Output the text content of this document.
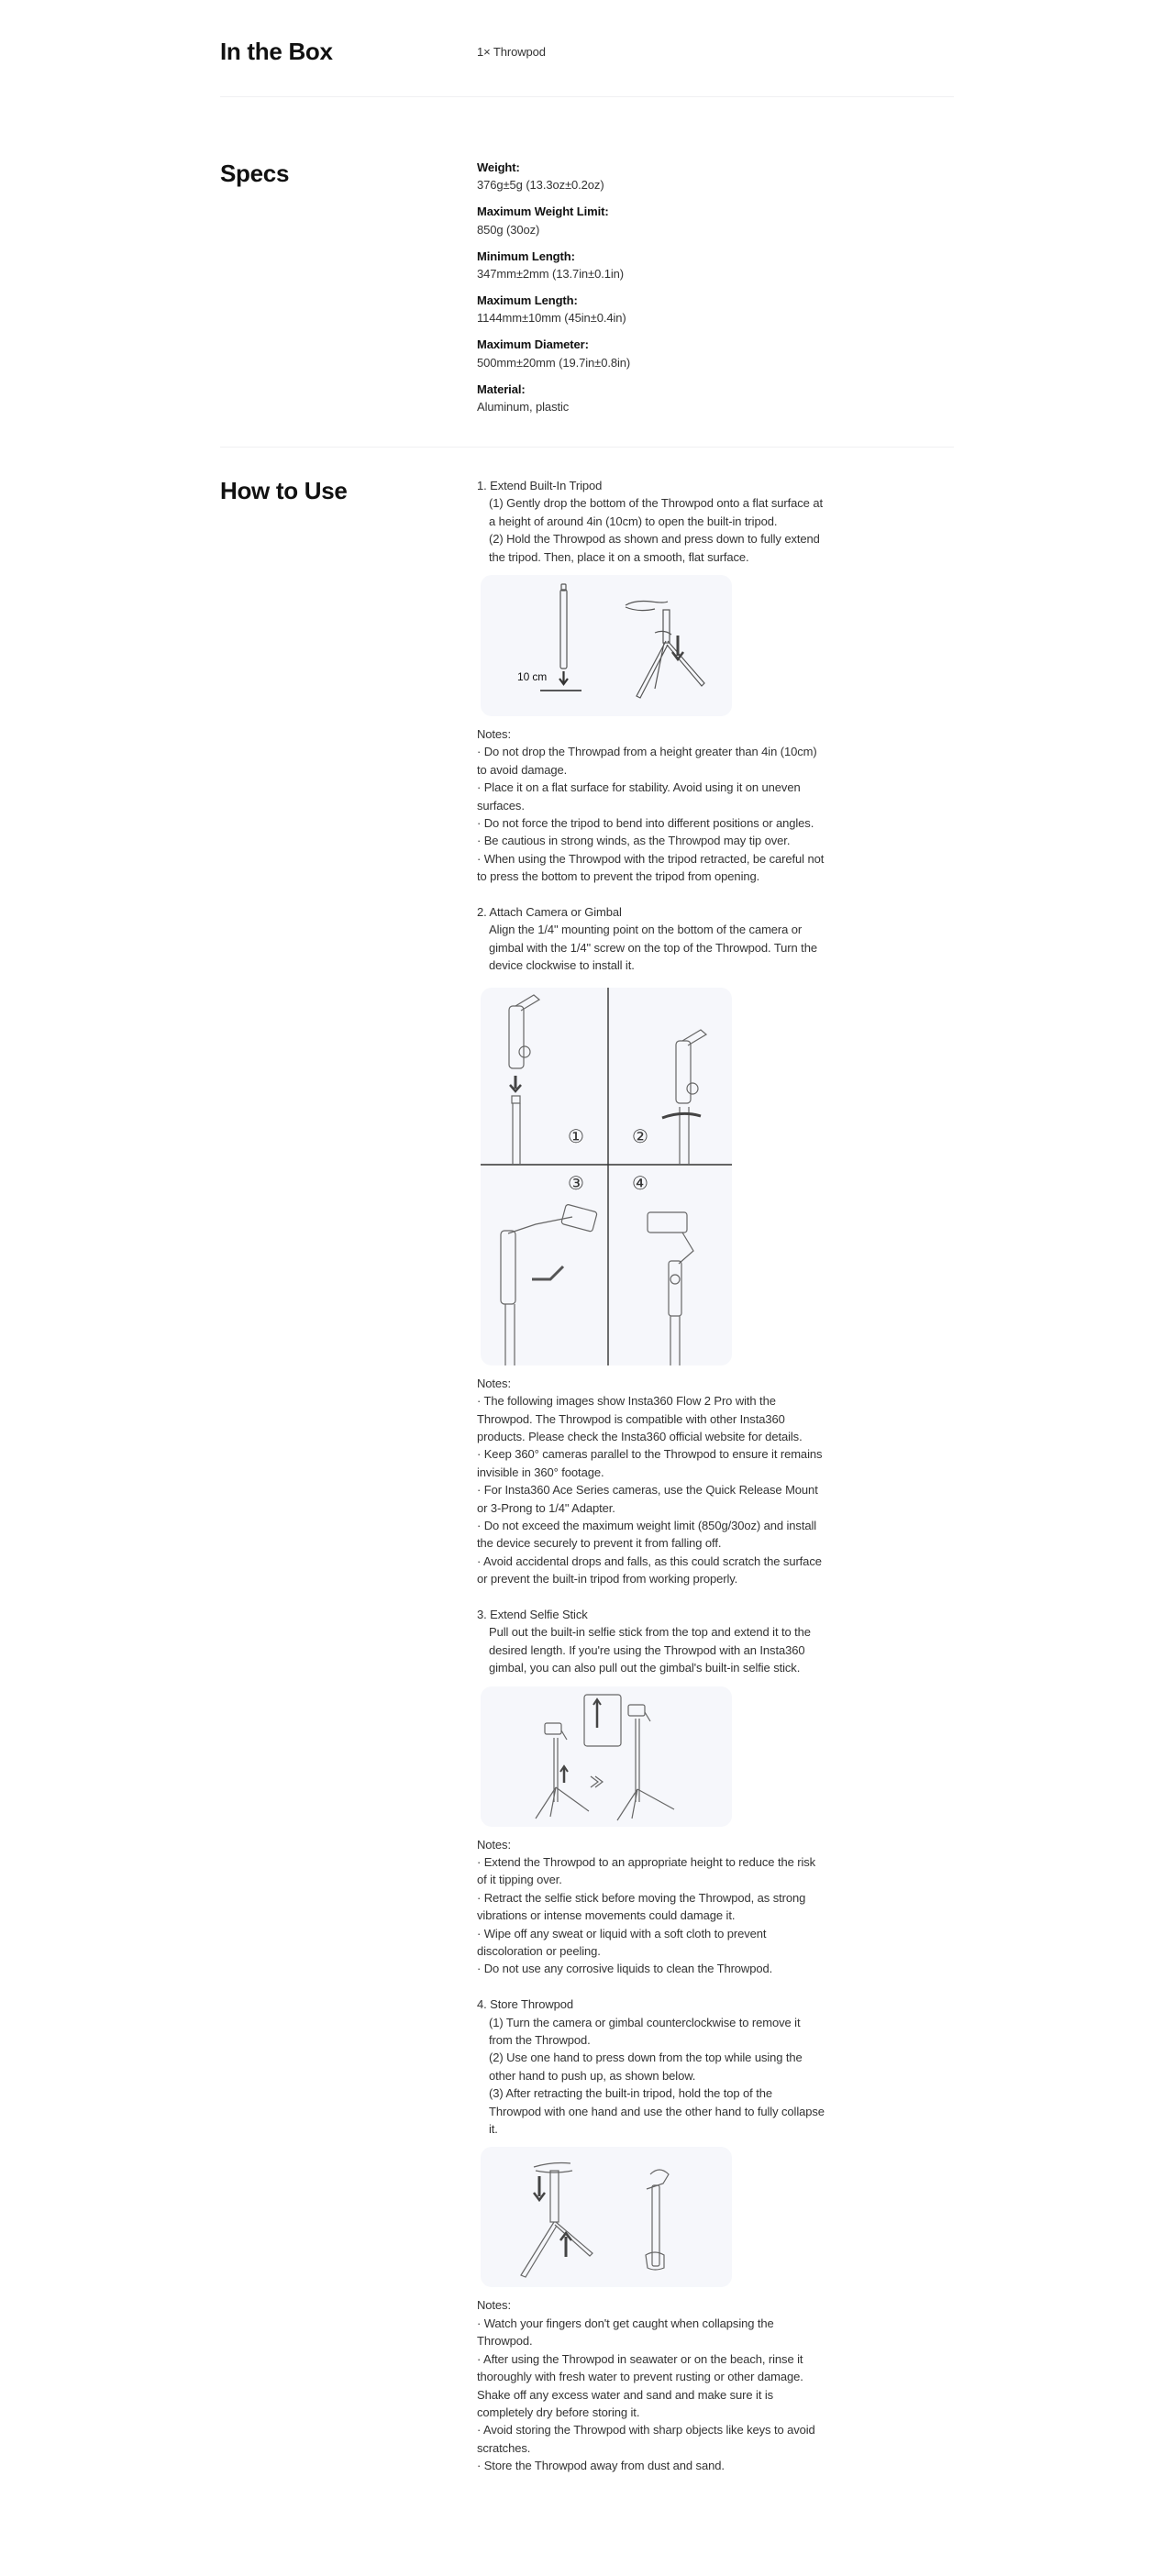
In the Box	1× Throwpod
Specs	Weight:
376g±5g (13.3oz±0.2oz)
Maximum Weight Limit:
850g (30oz)
Minimum Length:
347mm±2mm (13.7in±0.1in)
Maximum Length:
1144mm±10mm (45in±0.4in)
Maximum Diameter:
500mm±20mm (19.7in±0.8in)
Material:
Aluminum, plastic
How to Use	1. Extend Built-In Tripod
(1) Gently drop the bottom of the Throwpod onto a flat surface at a height of around 4in (10cm) to open the built-in tripod.
(2) Hold the Throwpod as shown and press down to fully extend the tripod. Then, place it on a smooth, flat surface.
10 cm
Notes:
· Do not drop the Throwpad from a height greater than 4in (10cm) to avoid damage.
· Place it on a flat surface for stability. Avoid using it on uneven surfaces.
· Do not force the tripod to bend into different positions or angles.
· Be cautious in strong winds, as the Throwpod may tip over.
· When using the Throwpod with the tripod retracted, be careful not to press the bottom to prevent the tripod from opening.
2. Attach Camera or Gimbal
Align the 1/4" mounting point on the bottom of the camera or gimbal with the 1/4" screw on the top of the Throwpod. Turn the device clockwise to install it.
①	②
③	④
Notes:
· The following images show Insta360 Flow 2 Pro with the Throwpod. The Throwpod is compatible with other Insta360 products. Please check the Insta360 official website for details.
· Keep 360° cameras parallel to the Throwpod to ensure it remains invisible in 360° footage.
· For Insta360 Ace Series cameras, use the Quick Release Mount or 3-Prong to 1/4" Adapter.
· Do not exceed the maximum weight limit (850g/30oz) and install the device securely to prevent it from falling off.
· Avoid accidental drops and falls, as this could scratch the surface or prevent the built-in tripod from working properly.
3. Extend Selfie Stick
Pull out the built-in selfie stick from the top and extend it to the desired length. If you're using the Throwpod with an Insta360 gimbal, you can also pull out the gimbal's built-in selfie stick.
Notes:
· Extend the Throwpod to an appropriate height to reduce the risk of it tipping over.
· Retract the selfie stick before moving the Throwpod, as strong vibrations or intense movements could damage it.
· Wipe off any sweat or liquid with a soft cloth to prevent discoloration or peeling.
· Do not use any corrosive liquids to clean the Throwpod.
4. Store Throwpod
(1) Turn the camera or gimbal counterclockwise to remove it from the Throwpod.
(2) Use one hand to press down from the top while using the other hand to push up, as shown below.
(3) After retracting the built-in tripod, hold the top of the Throwpod with one hand and use the other hand to fully collapse it.
Notes:
· Watch your fingers don't get caught when collapsing the Throwpod.
· After using the Throwpod in seawater or on the beach, rinse it thoroughly with fresh water to prevent rusting or other damage. Shake off any excess water and sand and make sure it is completely dry before storing it.
· Avoid storing the Throwpod with sharp objects like keys to avoid scratches.
· Store the Throwpod away from dust and sand.
